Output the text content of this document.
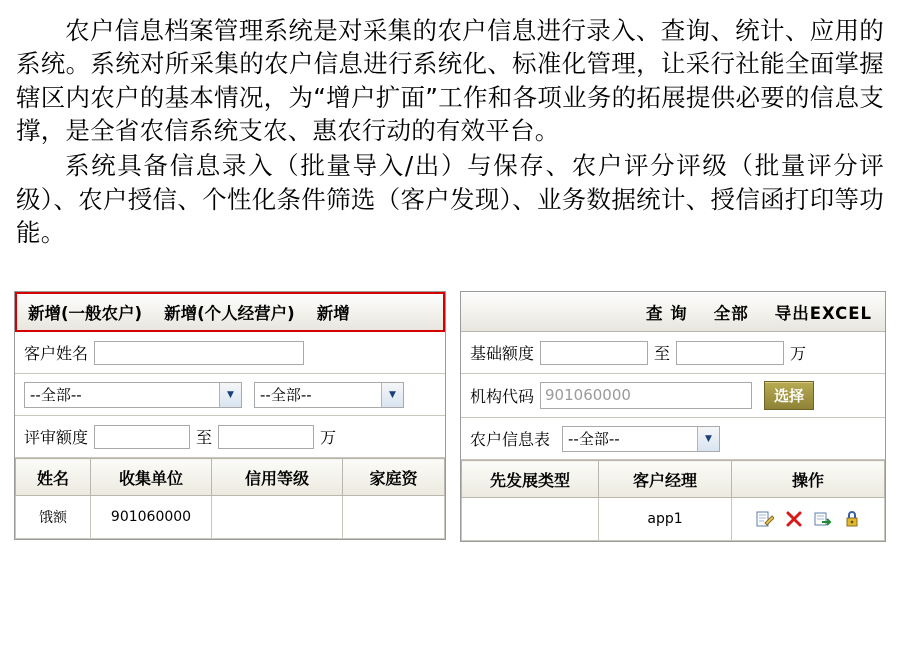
农户信息档案管理系统是对采集的农户信息进行录入、查询、统计、应用的系统。系统对所采集的农户信息进行系统化、标准化管理，让采行社能全面掌握辖区内农户的基本情况，为“增户扩面”工作和各项业务的拓展提供必要的信息支撑，是全省农信系统支农、惠农行动的有效平台。

系统具备信息录入（批量导入/出）与保存、农户评分评级（批量评分评级）、农户授信、个性化条件筛选（客户发现）、业务数据统计、授信函打印等功能。

新增(一般农户)	新增(个人经营户)	新增
客户姓名
--全部--	▼	--全部--	▼
评审额度	至	万
姓名	收集单位	信用等级	家庭资
饿额	901060000		
查 询	全部	导出EXCEL
基础额度	至	万
机构代码 901060000	选择
农户信息表 --全部--	▼
先发展类型	客户经理	操作
	app1	
